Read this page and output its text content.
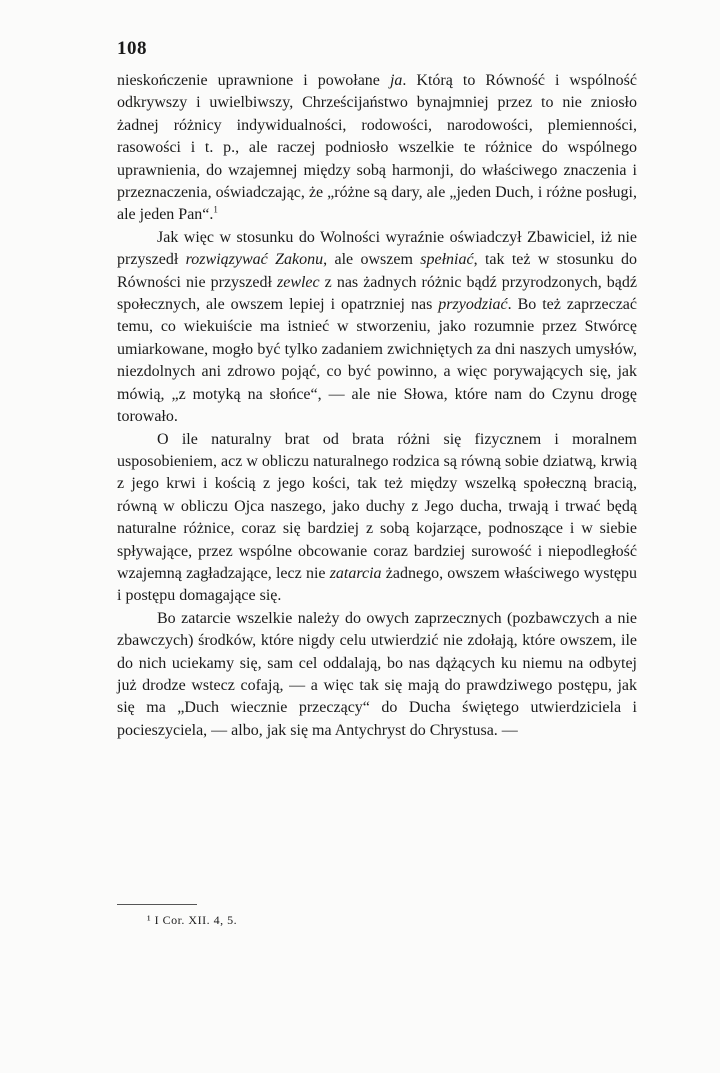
108

nieskończenie uprawnione i powołane ja. Którą to Równość i wspólność odkrywszy i uwielbiwszy, Chrześcijaństwo bynajmniej przez to nie zniosło żadnej różnicy indywidualności, rodowości, narodowości, plemienności, rasowości i t. p., ale raczej podniosło wszelkie te różnice do wspólnego uprawnienia, do wzajemnej między sobą harmonji, do właściwego znaczenia i przeznaczenia, oświadczając, że „różne są dary, ale „jeden Duch, i różne posługi, ale jeden Pan“.$^1$

Jak więc w stosunku do Wolności wyraźnie oświadczył Zbawiciel, iż nie przyszedł rozwiązywać Zakonu, ale owszem spełniać, tak też w stosunku do Równości nie przyszedł zewlec z nas żadnych różnic bądź przyrodzonych, bądź społecznych, ale owszem lepiej i opatrzniej nas przyodziać. Bo też zaprzeczać temu, co wiekuiście ma istnieć w stworzeniu, jako rozumnie przez Stwórcę umiarkowane, mogło być tylko zadaniem zwichniętych za dni naszych umysłów, niezdolnych ani zdrowo pojąć, co być powinno, a więc porywających się, jak mówią, „z motyką na słońce“, — ale nie Słowa, które nam do Czynu drogę torowało.

O ile naturalny brat od brata różni się fizycznem i moralnem usposobieniem, acz w obliczu naturalnego rodzica są równą sobie dziatwą, krwią z jego krwi i kością z jego kości, tak też między wszelką społeczną bracią, równą w obliczu Ojca naszego, jako duchy z Jego ducha, trwają i trwać będą naturalne różnice, coraz się bardziej z sobą kojarzące, podnoszące i w siebie spływające, przez wspólne obcowanie coraz bardziej surowość i niepodległość wzajemną zagładzające, lecz nie zatarcia żadnego, owszem właściwego występu i postępu domagające się.

Bo zatarcie wszelkie należy do owych zaprzecznych (pozbawczych a nie zbawczych) środków, które nigdy celu utwierdzić nie zdołają, które owszem, ile do nich uciekamy się, sam cel oddalają, bo nas dążących ku niemu na odbytej już drodze wstecz cofają, — a więc tak się mają do prawdziwego postępu, jak się ma „Duch wiecznie przeczący“ do Ducha świętego utwierdziciela i pocieszyciela, — albo, jak się ma Antychryst do Chrystusa. —

¹ I Cor. XII. 4, 5.
